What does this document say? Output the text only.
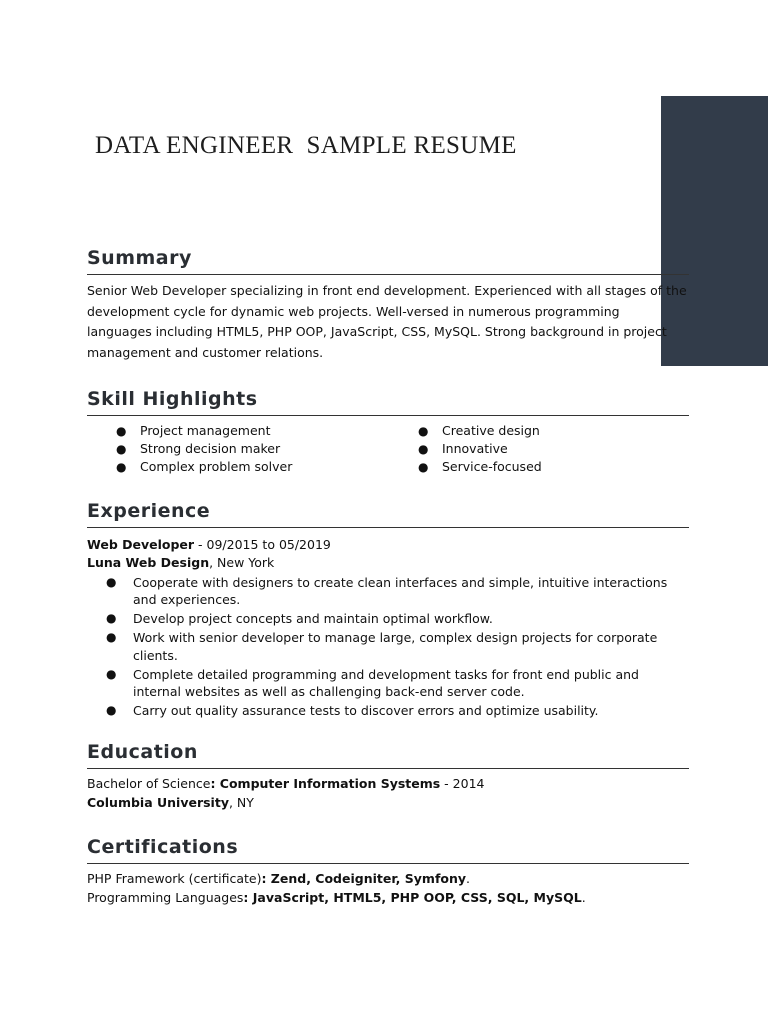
DATA ENGINEER  SAMPLE RESUME
Summary
Senior Web Developer specializing in front end development. Experienced with all stages of the
development cycle for dynamic web projects. Well-versed in numerous programming
languages including HTML5, PHP OOP, JavaScript, CSS, MySQL. Strong background in project
management and customer relations.
Skill Highlights
● Project management
● Strong decision maker
● Complex problem solver
● Creative design
● Innovative
● Service-focused
Experience
Web Developer - 09/2015 to 05/2019
Luna Web Design, New York
● Cooperate with designers to create clean interfaces and simple, intuitive interactions and experiences.
● Develop project concepts and maintain optimal workflow.
● Work with senior developer to manage large, complex design projects for corporate clients.
● Complete detailed programming and development tasks for front end public and internal websites as well as challenging back-end server code.
● Carry out quality assurance tests to discover errors and optimize usability.
Education
Bachelor of Science: Computer Information Systems - 2014
Columbia University, NY
Certifications
PHP Framework (certificate): Zend, Codeigniter, Symfony.
Programming Languages: JavaScript, HTML5, PHP OOP, CSS, SQL, MySQL.
